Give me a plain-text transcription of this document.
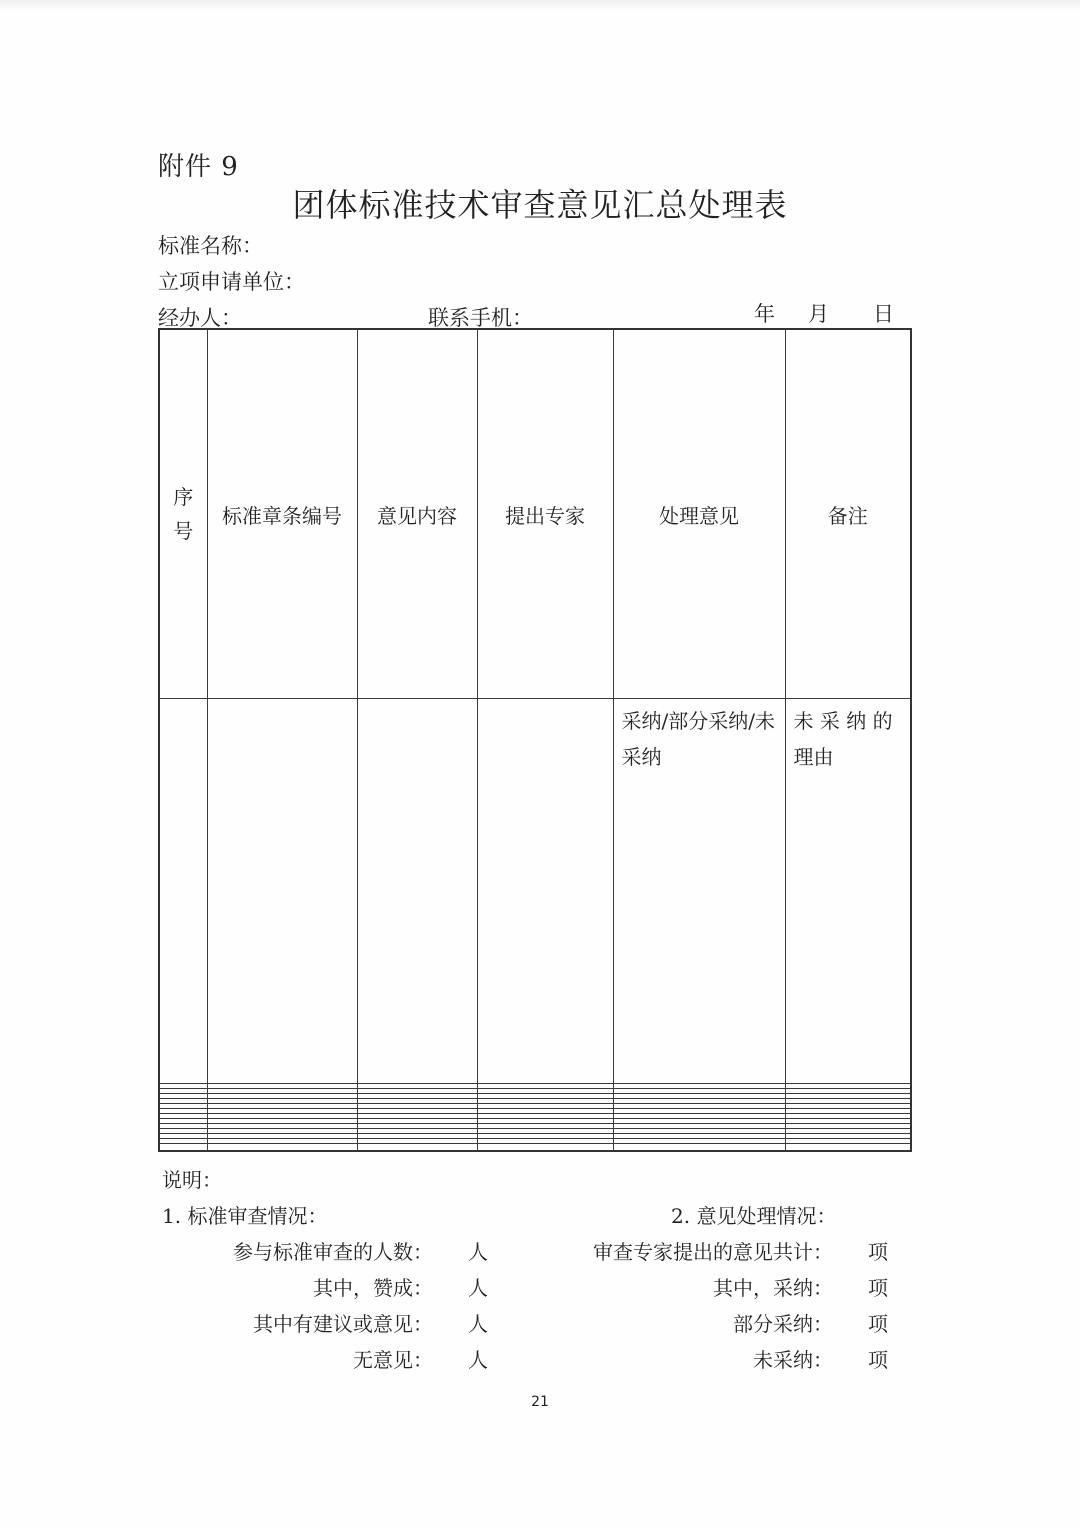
附件 9
团体标准技术审查意见汇总处理表
标准名称：
立项申请单位：
经办人：	联系手机：	年 月 日
序号	标准章条编号	意见内容	提出专家	处理意见	备注
				采纳/部分采纳/未采纳	未 采 纳 的 理由

说明：
1. 标准审查情况：	2. 意见处理情况：
参与标准审查的人数： 人
其中，赞成： 人
其中有建议或意见： 人
无意见： 人
审查专家提出的意见共计： 项
其中，采纳： 项
部分采纳： 项
未采纳： 项
21
